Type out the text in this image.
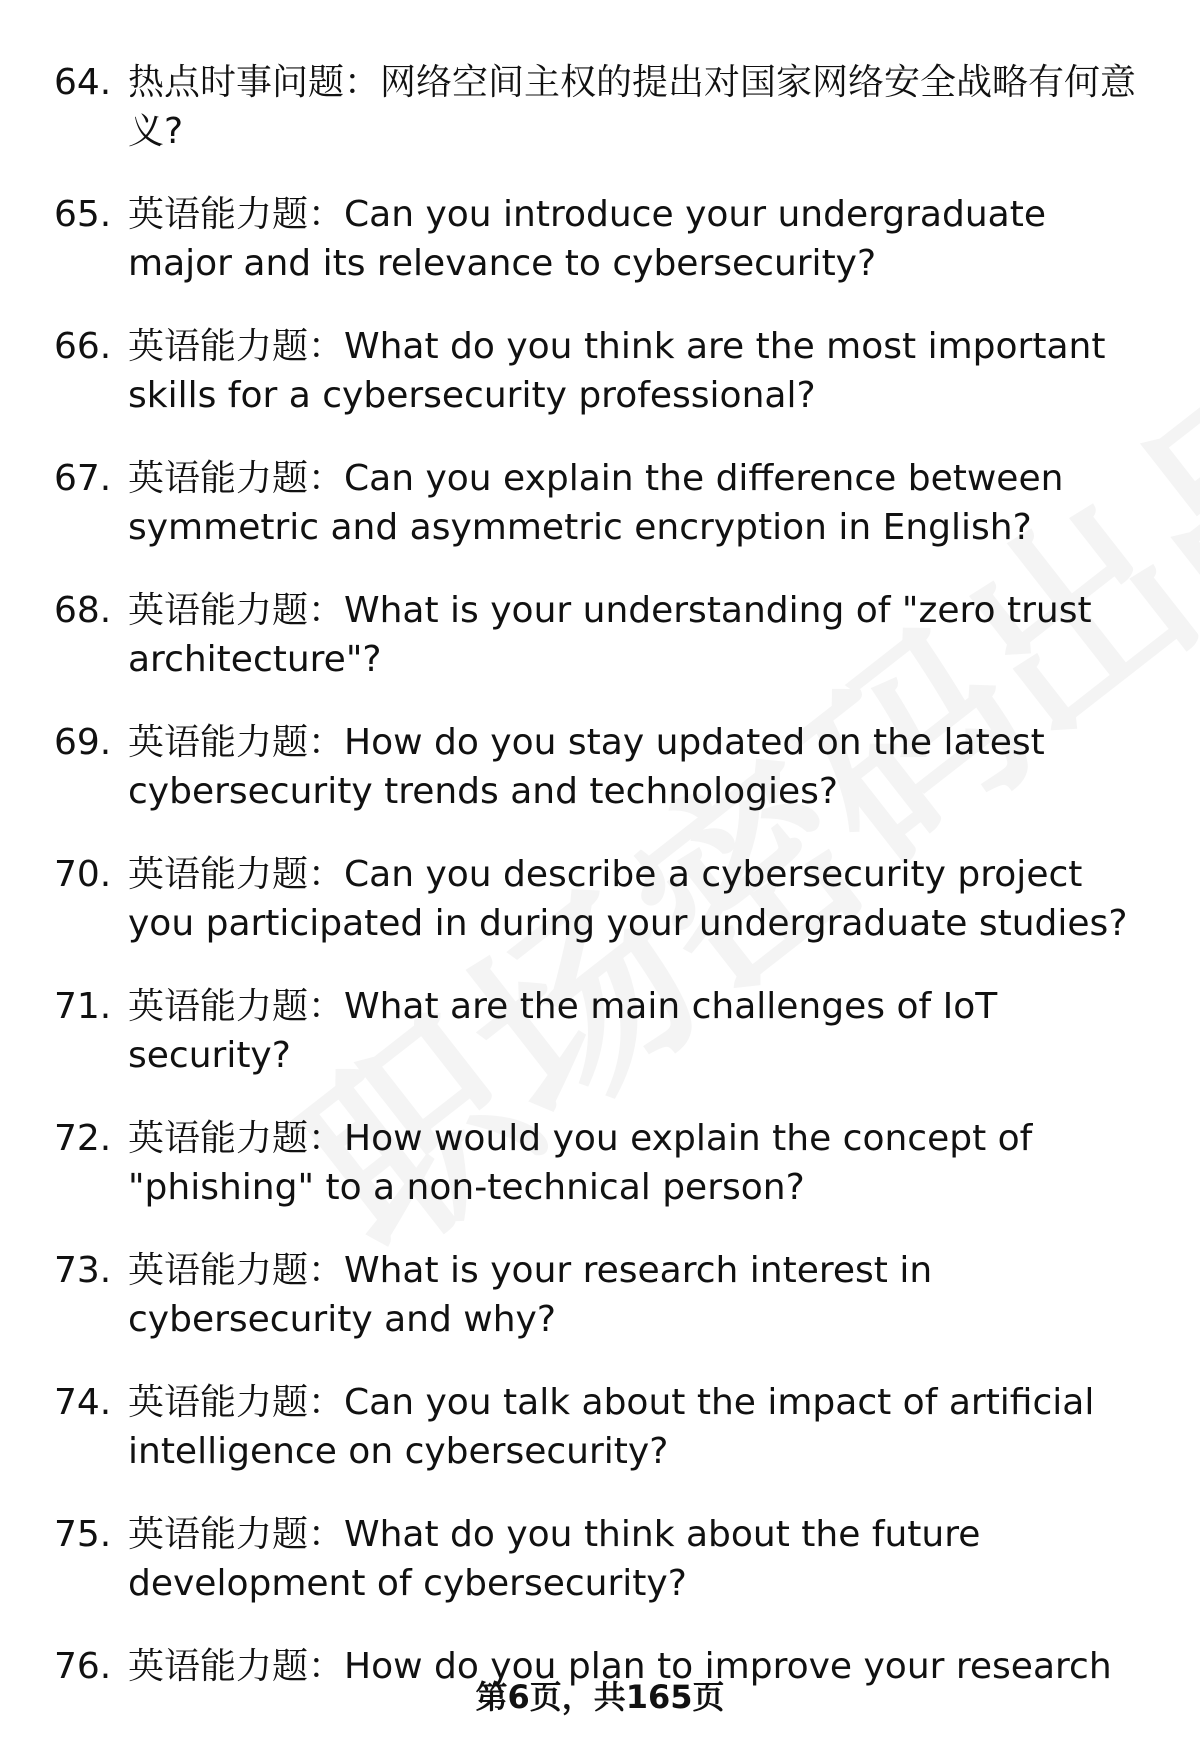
64. 热点时事问题：网络空间主权的提出对国家网络安全战略有何意义?
65. 英语能力题：Can you introduce your undergraduate major and its relevance to cybersecurity?
66. 英语能力题：What do you think are the most important skills for a cybersecurity professional?
67. 英语能力题：Can you explain the difference between symmetric and asymmetric encryption in English?
68. 英语能力题：What is your understanding of "zero trust architecture"?
69. 英语能力题：How do you stay updated on the latest cybersecurity trends and technologies?
70. 英语能力题：Can you describe a cybersecurity project you participated in during your undergraduate studies?
71. 英语能力题：What are the main challenges of IoT security?
72. 英语能力题：How would you explain the concept of "phishing" to a non-technical person?
73. 英语能力题：What is your research interest in cybersecurity and why?
74. 英语能力题：Can you talk about the impact of artificial intelligence on cybersecurity?
75. 英语能力题：What do you think about the future development of cybersecurity?
76. 英语能力题：How do you plan to improve your research
第6页，共165页
